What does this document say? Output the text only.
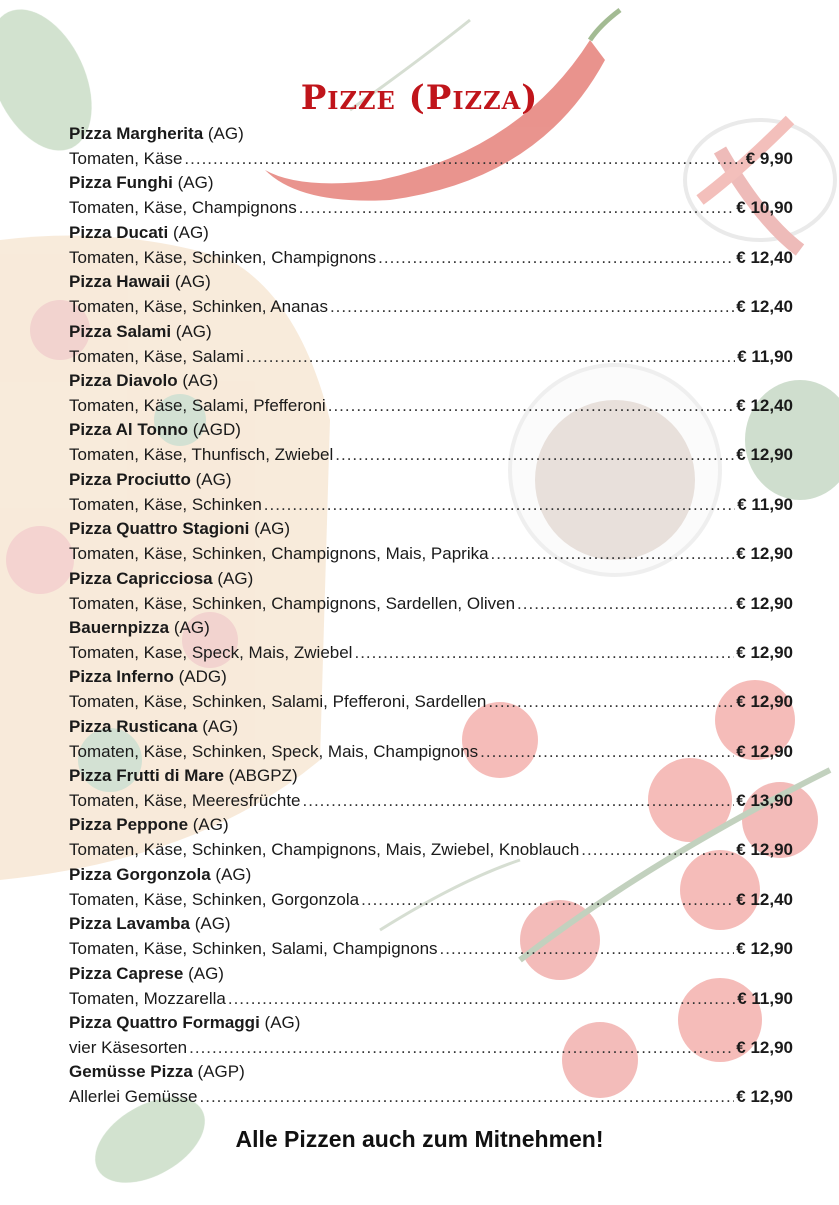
Pizze (Pizza)
Pizza Margherita (AG)
Tomaten, Käse .....	€ 9,90
Pizza Funghi (AG)
Tomaten, Käse, Champignons .....	€ 10,90
Pizza Ducati (AG)
Tomaten, Käse, Schinken, Champignons .....	€ 12,40
Pizza Hawaii (AG)
Tomaten, Käse, Schinken, Ananas .....	€ 12,40
Pizza Salami (AG)
Tomaten, Käse, Salami .....	€ 11,90
Pizza Diavolo (AG)
Tomaten, Käse, Salami, Pfefferoni .....	€ 12,40
Pizza Al Tonno (AGD)
Tomaten, Käse, Thunfisch, Zwiebel .....	€ 12,90
Pizza Prociutto (AG)
Tomaten, Käse, Schinken .....	€ 11,90
Pizza Quattro Stagioni (AG)
Tomaten, Käse, Schinken, Champignons, Mais, Paprika .....	€ 12,90
Pizza Capricciosa (AG)
Tomaten, Käse, Schinken, Champignons, Sardellen, Oliven .....	€ 12,90
Bauernpizza (AG)
Tomaten, Kase, Speck, Mais, Zwiebel .....	€ 12,90
Pizza Inferno (ADG)
Tomaten, Käse, Schinken, Salami, Pfefferoni, Sardellen .....	€ 12,90
Pizza Rusticana (AG)
Tomaten, Käse, Schinken, Speck, Mais, Champignons .....	€ 12,90
Pizza Frutti di Mare (ABGPZ)
Tomaten, Käse, Meeresfrüchte .....	€ 13,90
Pizza Peppone (AG)
Tomaten, Käse, Schinken, Champignons, Mais, Zwiebel, Knoblauch .....	€ 12,90
Pizza Gorgonzola (AG)
Tomaten, Käse, Schinken, Gorgonzola .....	€ 12,40
Pizza Lavamba (AG)
Tomaten, Käse, Schinken, Salami, Champignons .....	€ 12,90
Pizza Caprese (AG)
Tomaten, Mozzarella .....	€ 11,90
Pizza Quattro Formaggi (AG)
vier Käsesorten .....	€ 12,90
Gemüsse Pizza (AGP)
Allerlei Gemüsse .....	€ 12,90
Alle Pizzen auch zum Mitnehmen!
